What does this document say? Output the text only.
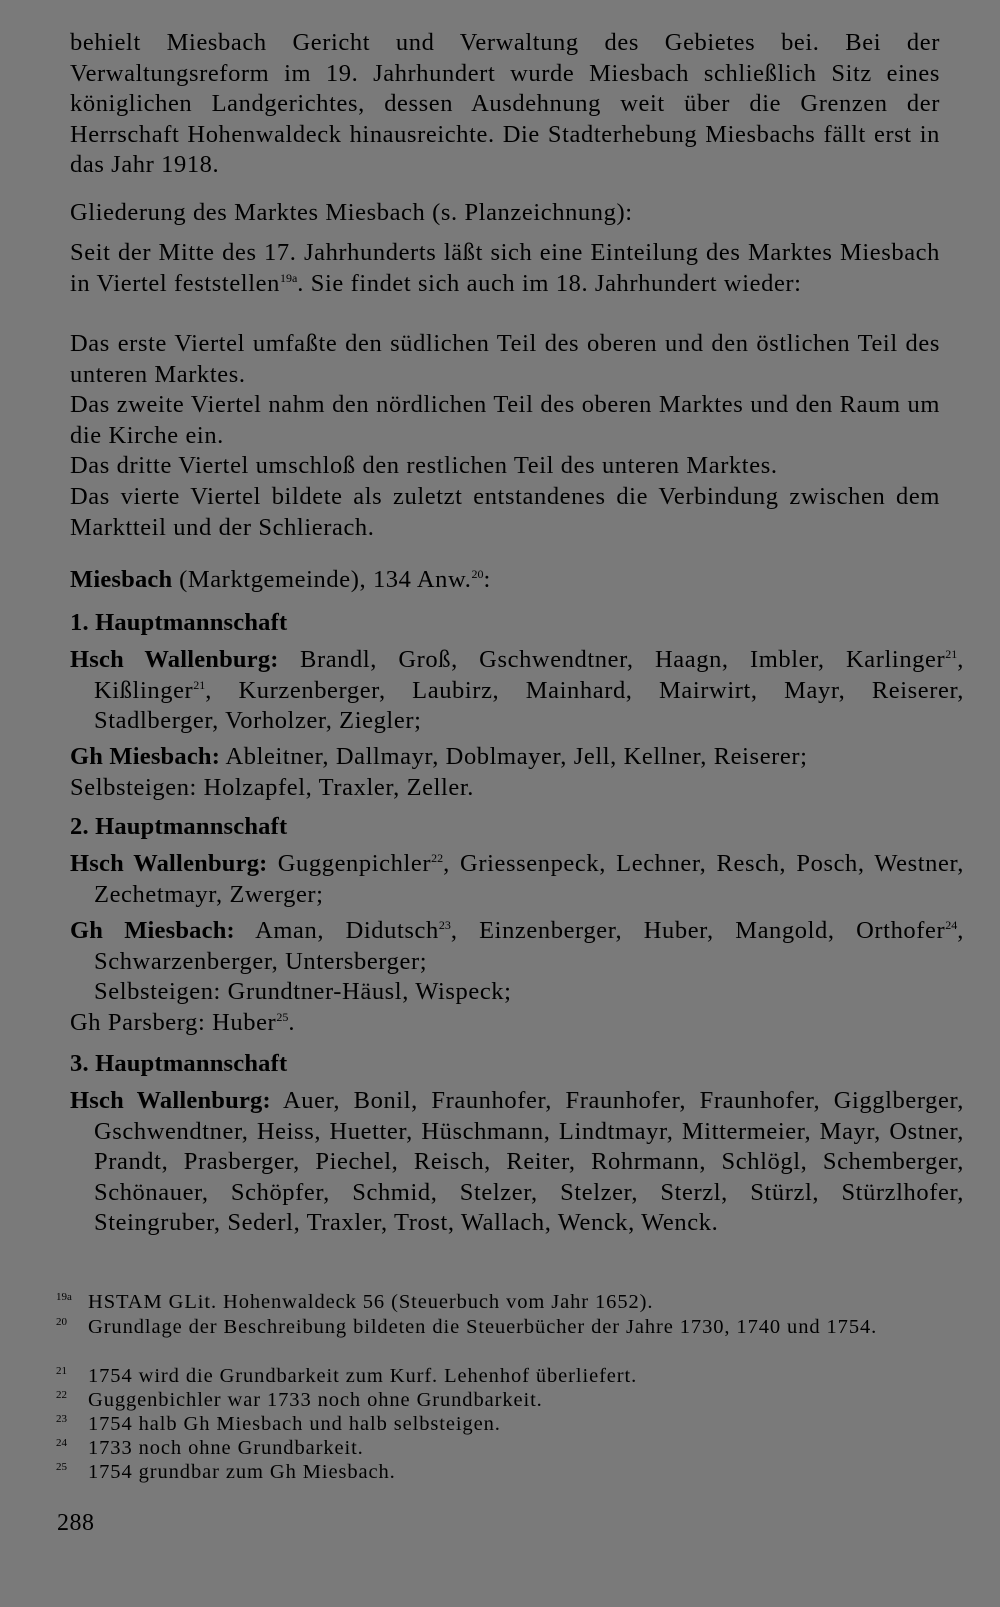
behielt Miesbach Gericht und Verwaltung des Gebietes bei. Bei der Verwaltungsreform im 19. Jahrhundert wurde Miesbach schließlich Sitz eines königlichen Landgerichtes, dessen Ausdehnung weit über die Grenzen der Herrschaft Hohenwaldeck hinausreichte. Die Stadterhebung Miesbachs fällt erst in das Jahr 1918.
Gliederung des Marktes Miesbach (s. Planzeichnung):
Seit der Mitte des 17. Jahrhunderts läßt sich eine Einteilung des Marktes Miesbach in Viertel feststellen$^{19a}$. Sie findet sich auch im 18. Jahrhundert wieder:
Das erste Viertel umfaßte den südlichen Teil des oberen und den östlichen Teil des unteren Marktes.
Das zweite Viertel nahm den nördlichen Teil des oberen Marktes und den Raum um die Kirche ein.
Das dritte Viertel umschloß den restlichen Teil des unteren Marktes.
Das vierte Viertel bildete als zuletzt entstandenes die Verbindung zwischen dem Marktteil und der Schlierach.
Miesbach (Marktgemeinde), 134 Anw.$^{20}$:
1. Hauptmannschaft
Hsch Wallenburg: Brandl, Groß, Gschwendtner, Haagn, Imbler, Karlinger$^{21}$, Kißlinger$^{21}$, Kurzenberger, Laubirz, Mainhard, Mairwirt, Mayr, Reiserer, Stadlberger, Vorholzer, Ziegler;
Gh Miesbach: Ableitner, Dallmayr, Doblmayer, Jell, Kellner, Reiserer;
Selbsteigen: Holzapfel, Traxler, Zeller.
2. Hauptmannschaft
Hsch Wallenburg: Guggenpichler$^{22}$, Griessenpeck, Lechner, Resch, Posch, Westner, Zechetmayr, Zwerger;
Gh Miesbach: Aman, Didutsch$^{23}$, Einzenberger, Huber, Mangold, Orthofer$^{24}$, Schwarzenberger, Untersberger;
Selbsteigen: Grundtner-Häusl, Wispeck;
Gh Parsberg: Huber$^{25}$.
3. Hauptmannschaft
Hsch Wallenburg: Auer, Bonil, Fraunhofer, Fraunhofer, Fraunhofer, Gigglberger, Gschwendtner, Heiss, Huetter, Hüschmann, Lindtmayr, Mittermeier, Mayr, Ostner, Prandt, Prasberger, Piechel, Reisch, Reiter, Rohrmann, Schlögl, Schemberger, Schönauer, Schöpfer, Schmid, Stelzer, Stelzer, Sterzl, Stürzl, Stürzlhofer, Steingruber, Sederl, Traxler, Trost, Wallach, Wenck, Wenck.
$^{19a}$ HSTAM GLit. Hohenwaldeck 56 (Steuerbuch vom Jahr 1652).
$^{20}$ Grundlage der Beschreibung bildeten die Steuerbücher der Jahre 1730, 1740 und 1754.
$^{21}$ 1754 wird die Grundbarkeit zum Kurf. Lehenhof überliefert.
$^{22}$ Guggenbichler war 1733 noch ohne Grundbarkeit.
$^{23}$ 1754 halb Gh Miesbach und halb selbsteigen.
$^{24}$ 1733 noch ohne Grundbarkeit.
$^{25}$ 1754 grundbar zum Gh Miesbach.
288
